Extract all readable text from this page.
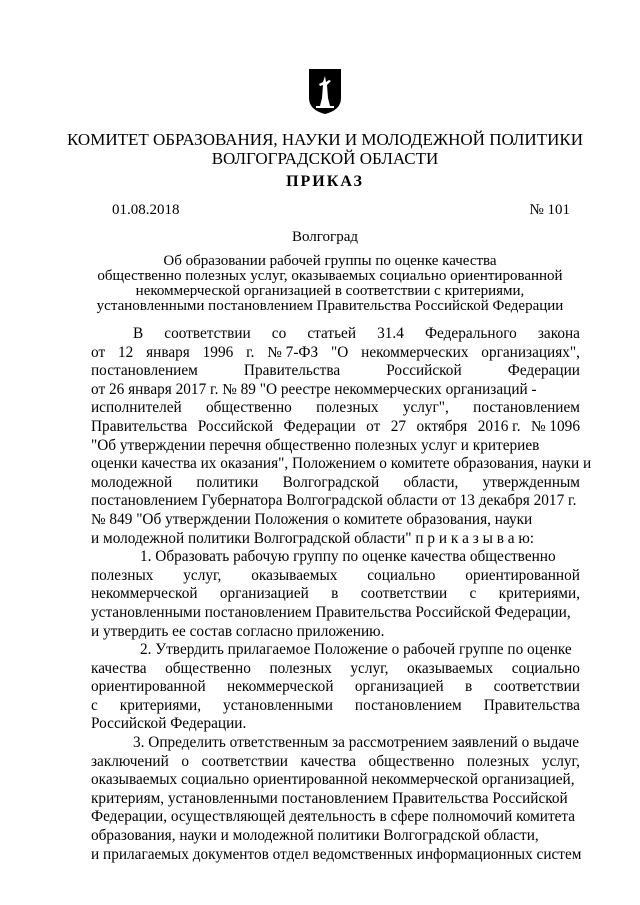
КОМИТЕТ ОБРАЗОВАНИЯ, НАУКИ И МОЛОДЕЖНОЙ ПОЛИТИКИ
ВОЛГОГРАДСКОЙ ОБЛАСТИ
ПРИКАЗ
01.08.2018	№ 101
Волгоград
Об образовании рабочей группы по оценке качества
общественно полезных услуг, оказываемых социально ориентированной
некоммерческой организацией в соответствии с критериями,
установленными постановлением Правительства Российской Федерации
В соответствии со статьей 31.4 Федерального закона
от 12 января 1996 г. № 7-ФЗ "О некоммерческих организациях",
постановлением	Правительства	Российской	Федерации
от 26 января 2017 г. № 89 "О реестре некоммерческих организаций -
исполнителей общественно полезных услуг", постановлением
Правительства Российской Федерации от 27 октября 2016 г. № 1096
"Об утверждении перечня общественно полезных услуг и критериев
оценки качества их оказания", Положением о комитете образования, науки и
молодежной политики Волгоградской области, утвержденным
постановлением Губернатора Волгоградской области от 13 декабря 2017 г.
№ 849 "Об утверждении Положения о комитете образования, науки
и молодежной политики Волгоградской области" п р и к а з ы в а ю:
1. Образовать рабочую группу по оценке качества общественно
полезных услуг, оказываемых социально ориентированной
некоммерческой организацией в соответствии с критериями,
установленными постановлением Правительства Российской Федерации,
и утвердить ее состав согласно приложению.
2. Утвердить прилагаемое Положение о рабочей группе по оценке
качества общественно полезных услуг, оказываемых социально
ориентированной некоммерческой организацией в соответствии
с критериями, установленными постановлением Правительства
Российской Федерации.
3. Определить ответственным за рассмотрением заявлений о выдаче
заключений о соответствии качества общественно полезных услуг,
оказываемых социально ориентированной некоммерческой организацией,
критериям, установленными постановлением Правительства Российской
Федерации, осуществляющей деятельность в сфере полномочий комитета
образования, науки и молодежной политики Волгоградской области,
и прилагаемых документов отдел ведомственных информационных систем
